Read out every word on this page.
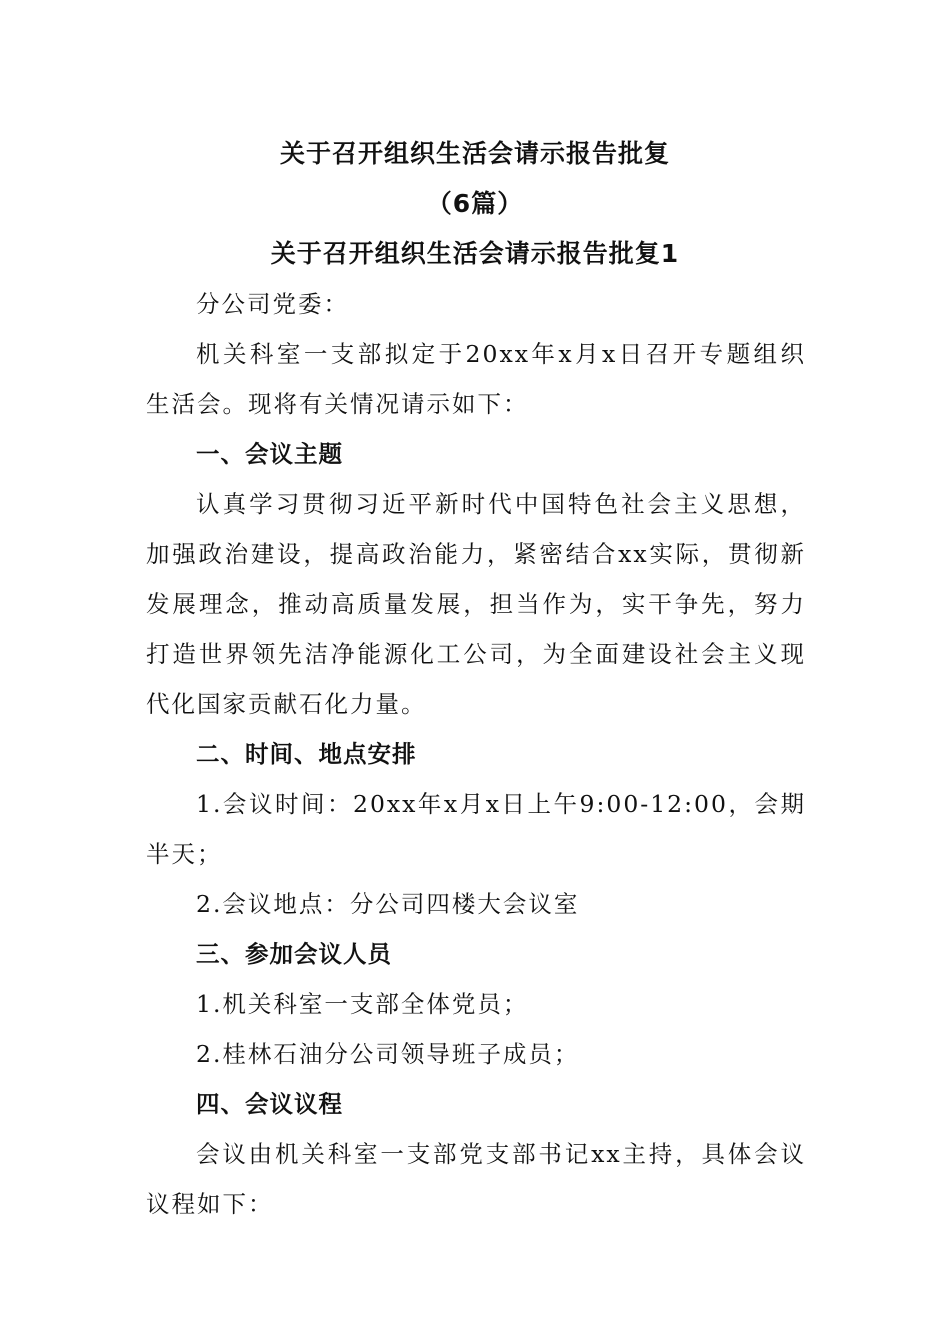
关于召开组织生活会请示报告批复
（6篇）
关于召开组织生活会请示报告批复1

分公司党委：

机关科室一支部拟定于20xx年x月x日召开专题组织

生活会。现将有关情况请示如下：

一、会议主题

认真学习贯彻习近平新时代中国特色社会主义思想，

加强政治建设，提高政治能力，紧密结合xx实际，贯彻新

发展理念，推动高质量发展，担当作为，实干争先，努力

打造世界领先洁净能源化工公司，为全面建设社会主义现

代化国家贡献石化力量。

二、时间、地点安排

1.会议时间：20xx年x月x日上午9:00-12:00，会期

半天；

2.会议地点：分公司四楼大会议室

三、参加会议人员

1.机关科室一支部全体党员；

2.桂林石油分公司领导班子成员；

四、会议议程

会议由机关科室一支部党支部书记xx主持，具体会议

议程如下：
